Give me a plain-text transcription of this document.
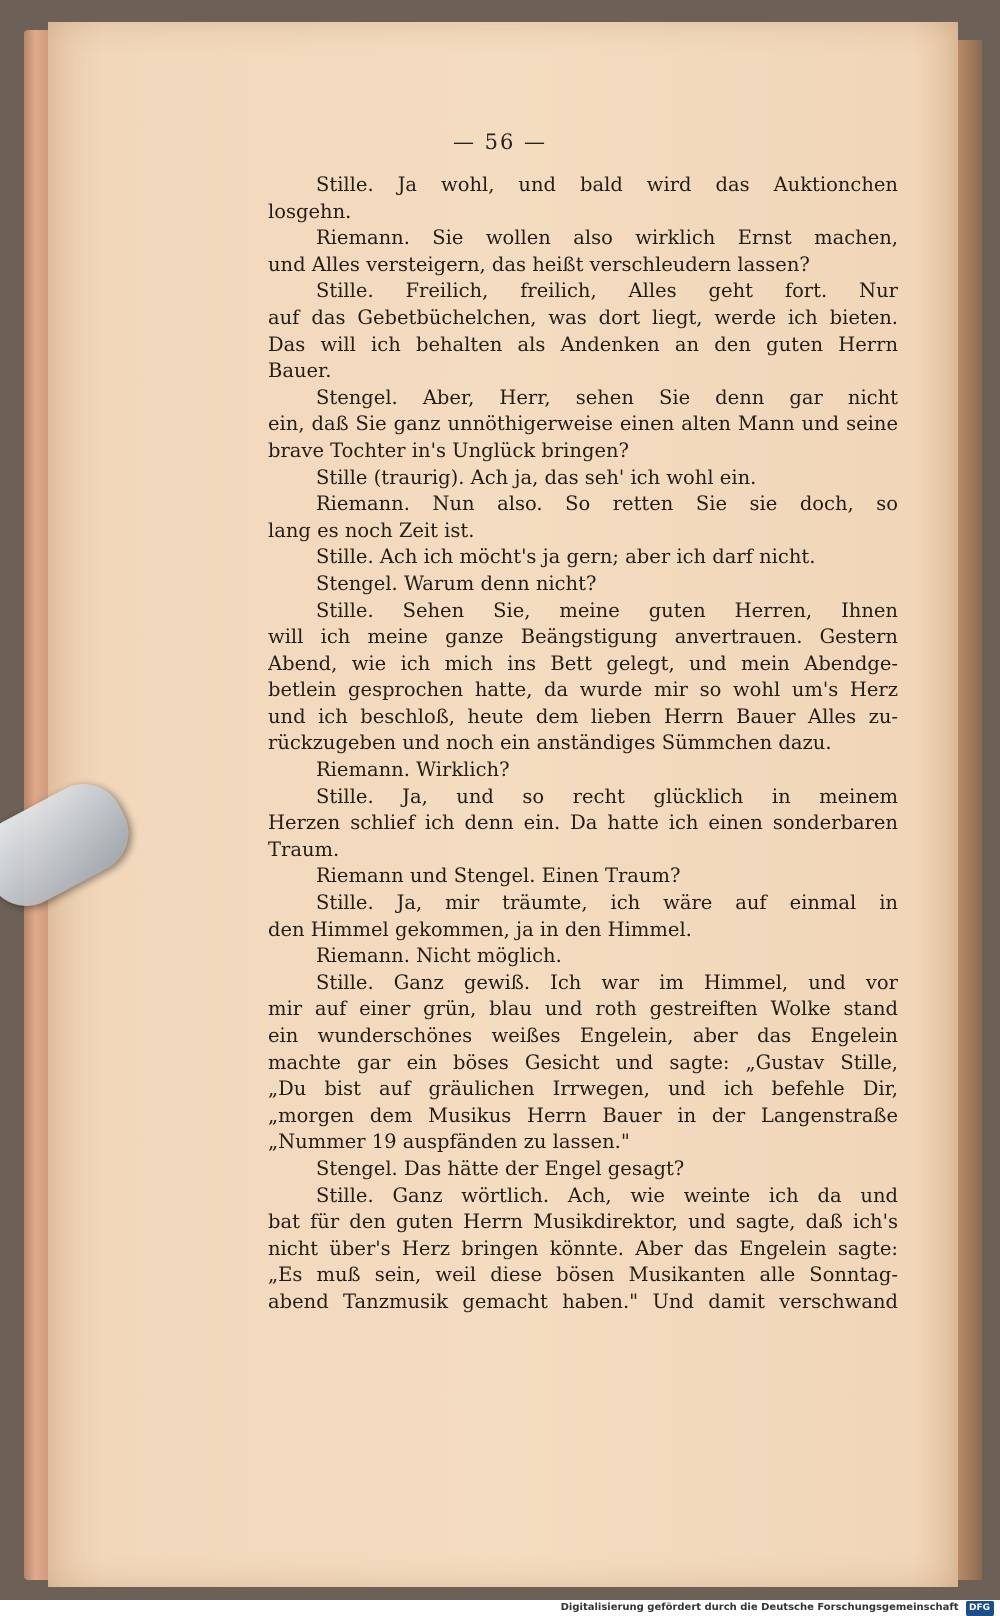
— 56 —
Stille. Ja wohl, und bald wird das Auktionchen
losgehn.
Riemann. Sie wollen also wirklich Ernst machen,
und Alles versteigern, das heißt verschleudern lassen?
Stille. Freilich, freilich, Alles geht fort. Nur
auf das Gebetbüchelchen, was dort liegt, werde ich bieten.
Das will ich behalten als Andenken an den guten Herrn
Bauer.
Stengel. Aber, Herr, sehen Sie denn gar nicht
ein, daß Sie ganz unnöthigerweise einen alten Mann und seine
brave Tochter in's Unglück bringen?
Stille (traurig). Ach ja, das seh' ich wohl ein.
Riemann. Nun also. So retten Sie sie doch, so
lang es noch Zeit ist.
Stille. Ach ich möcht's ja gern; aber ich darf nicht.
Stengel. Warum denn nicht?
Stille. Sehen Sie, meine guten Herren, Ihnen
will ich meine ganze Beängstigung anvertrauen. Gestern
Abend, wie ich mich ins Bett gelegt, und mein Abendge-
betlein gesprochen hatte, da wurde mir so wohl um's Herz
und ich beschloß, heute dem lieben Herrn Bauer Alles zu-
rückzugeben und noch ein anständiges Sümmchen dazu.
Riemann. Wirklich?
Stille. Ja, und so recht glücklich in meinem
Herzen schlief ich denn ein. Da hatte ich einen sonderbaren
Traum.
Riemann und Stengel. Einen Traum?
Stille. Ja, mir träumte, ich wäre auf einmal in
den Himmel gekommen, ja in den Himmel.
Riemann. Nicht möglich.
Stille. Ganz gewiß. Ich war im Himmel, und vor
mir auf einer grün, blau und roth gestreiften Wolke stand
ein wunderschönes weißes Engelein, aber das Engelein
machte gar ein böses Gesicht und sagte: „Gustav Stille,
„Du bist auf gräulichen Irrwegen, und ich befehle Dir,
„morgen dem Musikus Herrn Bauer in der Langenstraße
„Nummer 19 auspfänden zu lassen."
Stengel. Das hätte der Engel gesagt?
Stille. Ganz wörtlich. Ach, wie weinte ich da und
bat für den guten Herrn Musikdirektor, und sagte, daß ich's
nicht über's Herz bringen könnte. Aber das Engelein sagte:
„Es muß sein, weil diese bösen Musikanten alle Sonntag-
abend Tanzmusik gemacht haben." Und damit verschwand
Digitalisierung gefördert durch die Deutsche Forschungsgemeinschaft DFG
